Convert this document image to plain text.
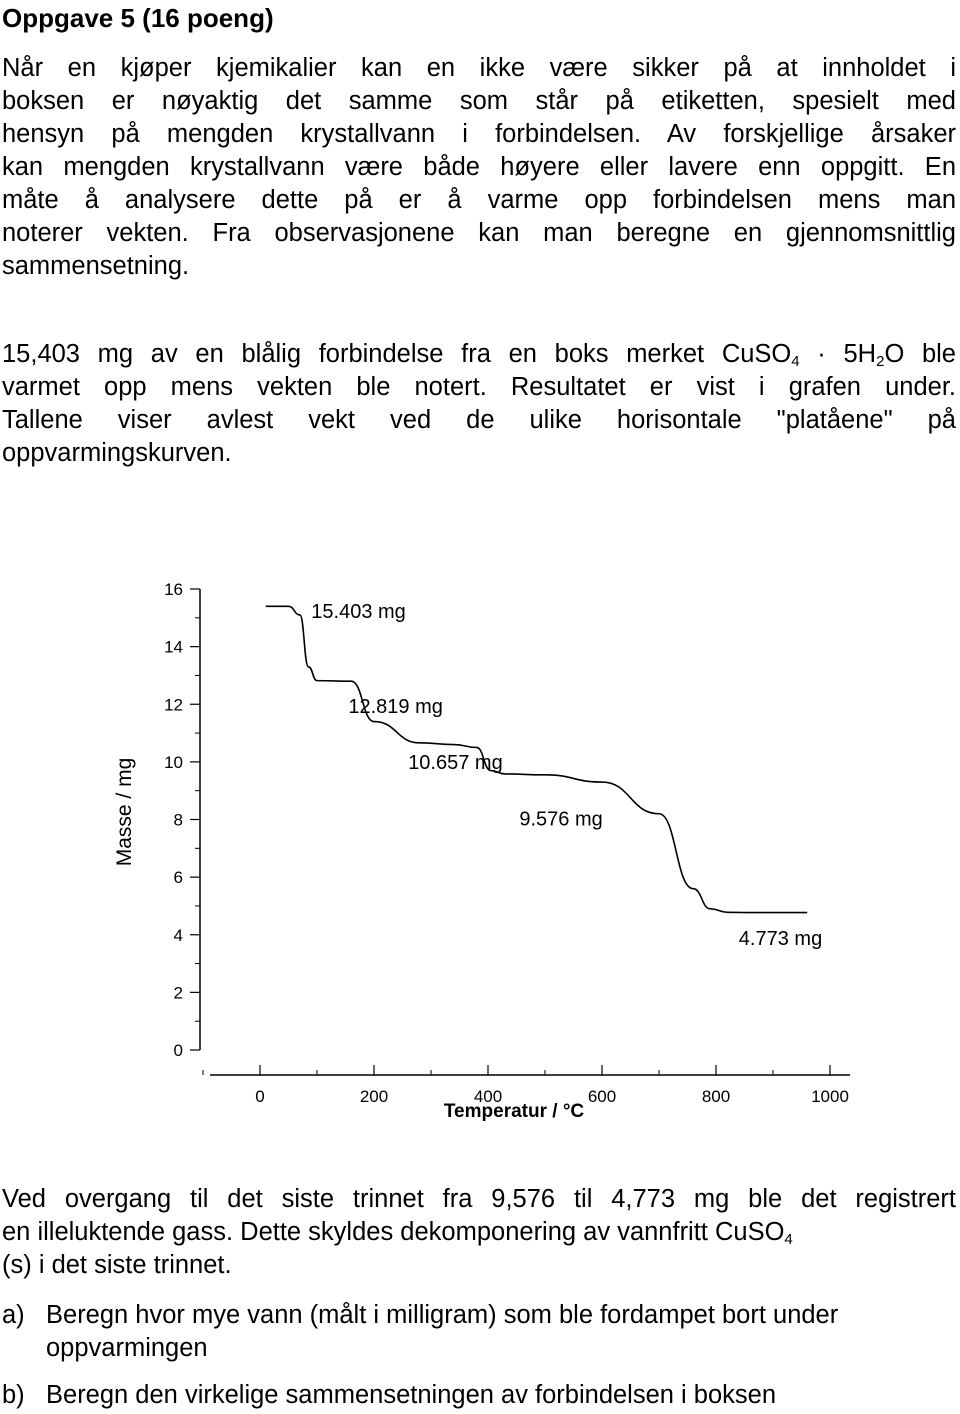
Oppgave 5 (16 poeng)
Når en kjøper kjemikalier kan en ikke være sikker på at innholdet i
boksen er nøyaktig det samme som står på etiketten, spesielt med
hensyn på mengden krystallvann i forbindelsen. Av forskjellige årsaker
kan mengden krystallvann være både høyere eller lavere enn oppgitt. En
måte å analysere dette på er å varme opp forbindelsen mens man
noterer vekten. Fra observasjonene kan man beregne en gjennomsnittlig
sammensetning.
15,403 mg av en blålig forbindelse fra en boks merket CuSO$_4$ · $5H_2O$ ble
varmet opp mens vekten ble notert. Resultatet er vist i grafen under.
Tallene viser avlest vekt ved de ulike horisontale "platåene" på
oppvarmingskurven.
0
2
4
6
8
10
12
14
16
0	200	400	600	800	1000
15.403 mg
12.819 mg
10.657 mg
9.576 mg
4.773 mg
Masse / mg
Temperatur / °C
Ved overgang til det siste trinnet fra 9,576 til 4,773 mg ble det registrert
en illeluktende gass. Dette skyldes dekomponering av vannfritt CuSO$_4$
(s) i det siste trinnet.
a) Beregn hvor mye vann (målt i milligram) som ble fordampet bort under oppvarmingen
b) Beregn den virkelige sammensetningen av forbindelsen i boksen
